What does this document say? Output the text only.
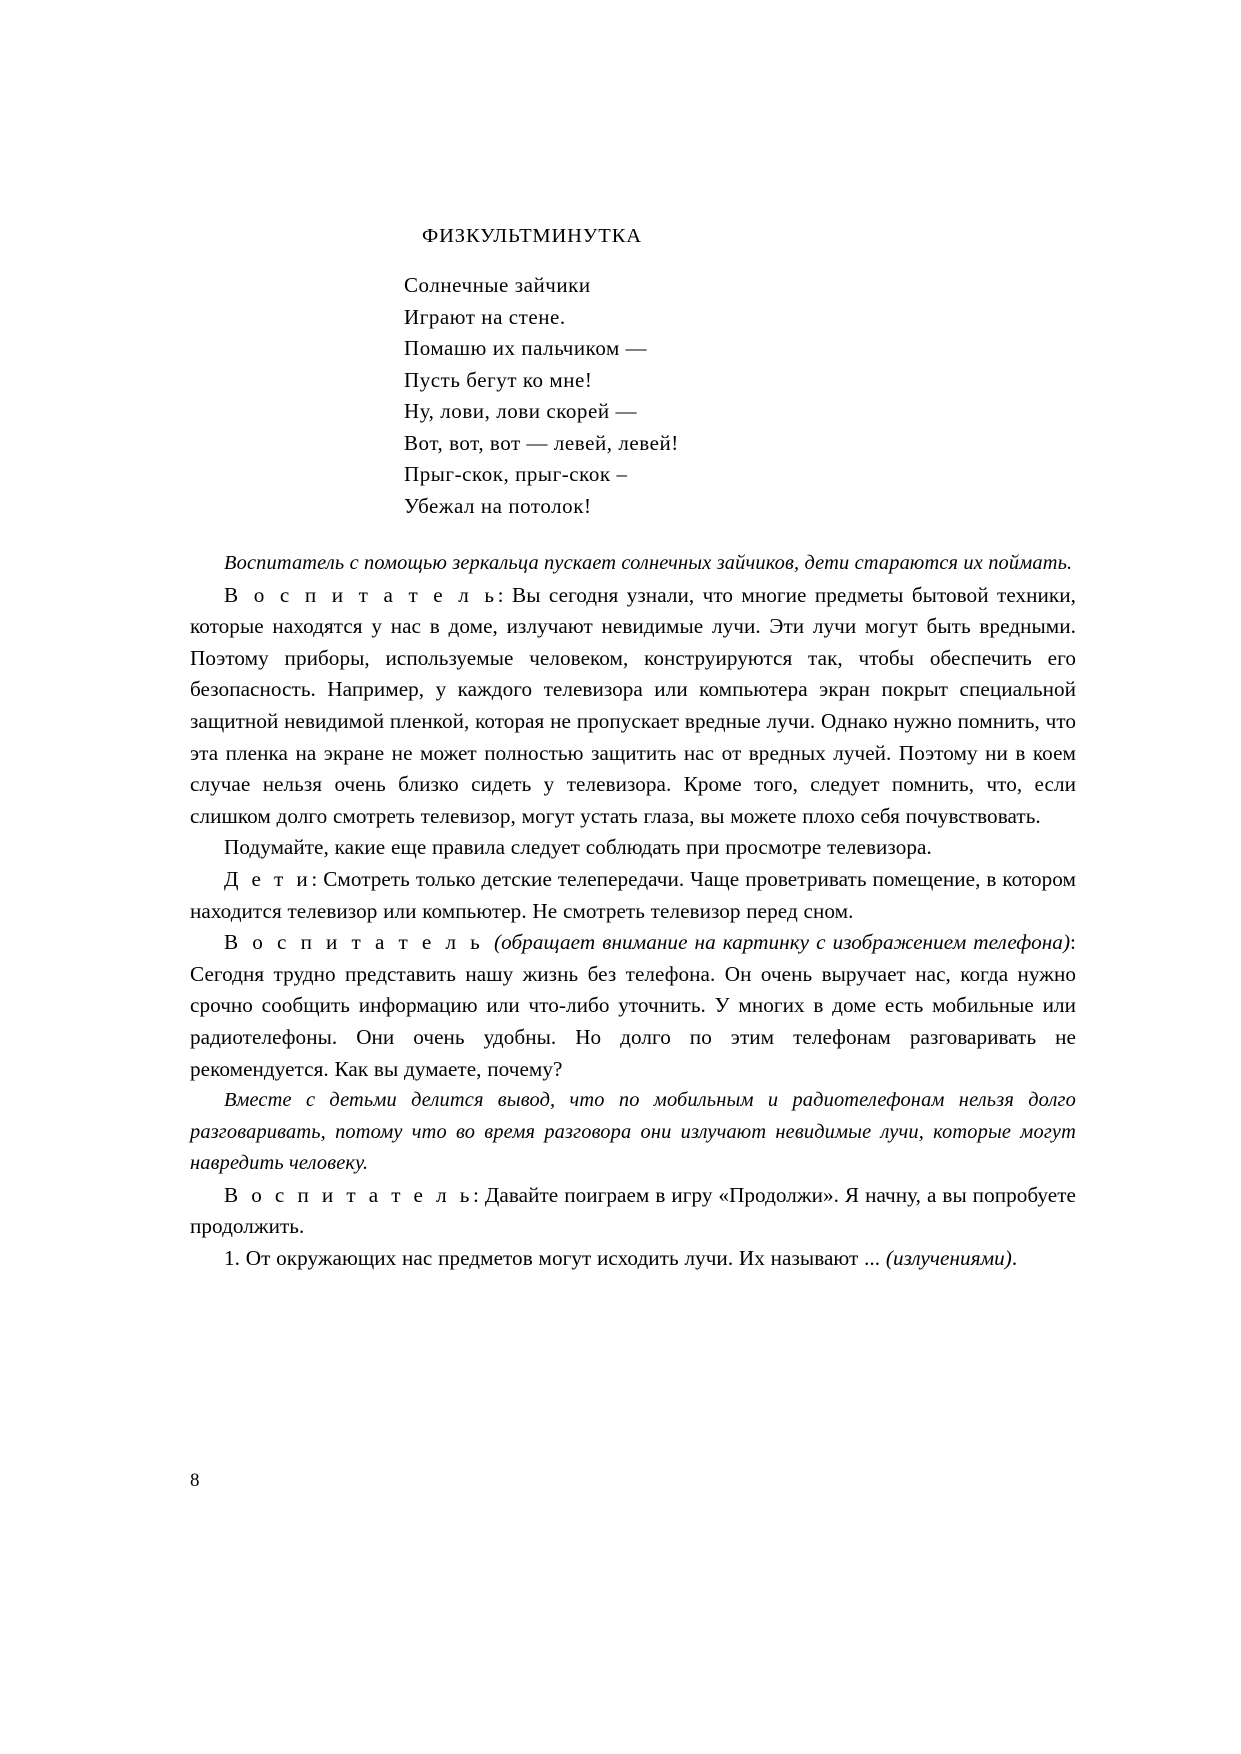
ФИЗКУЛЬТМИНУТКА
Солнечные зайчики
Играют на стене.
Помашю их пальчиком —
Пусть бегут ко мне!
Ну, лови, лови скорей —
Вот, вот, вот — левей, левей!
Прыг-скок, прыг-скок –
Убежал на потолок!

Воспитатель с помощью зеркальца пускает солнечных зайчиков, дети стараются их поймать.

В о с п и т а т е л ь: Вы сегодня узнали, что многие предметы бытовой техники, которые находятся у нас в доме, излучают невидимые лучи. Эти лучи могут быть вредными. Поэтому приборы, используемые человеком, конструируются так, чтобы обеспечить его безопасность. Например, у каждого телевизора или компьютера экран покрыт специальной защитной невидимой пленкой, которая не пропускает вредные лучи. Однако нужно помнить, что эта пленка на экране не может полностью защитить нас от вредных лучей. Поэтому ни в коем случае нельзя очень близко сидеть у телевизора. Кроме того, следует помнить, что, если слишком долго смотреть телевизор, могут устать глаза, вы можете плохо себя почувствовать.

Подумайте, какие еще правила следует соблюдать при просмотре телевизора.

Д е т и: Смотреть только детские телепередачи. Чаще проветривать помещение, в котором находится телевизор или компьютер. Не смотреть телевизор перед сном.

В о с п и т а т е л ь (обращает внимание на картинку с изображением телефона): Сегодня трудно представить нашу жизнь без телефона. Он очень выручает нас, когда нужно срочно сообщить информацию или что-либо уточнить. У многих в доме есть мобильные или радиотелефоны. Они очень удобны. Но долго по этим телефонам разговаривать не рекомендуется. Как вы думаете, почему?

Вместе с детьми делится вывод, что по мобильным и радиотелефонам нельзя долго разговаривать, потому что во время разговора они излучают невидимые лучи, которые могут навредить человеку.

В о с п и т а т е л ь: Давайте поиграем в игру «Продолжи». Я начну, а вы попробуете продолжить.

1. От окружающих нас предметов могут исходить лучи. Их называют ... (излучениями).

8
